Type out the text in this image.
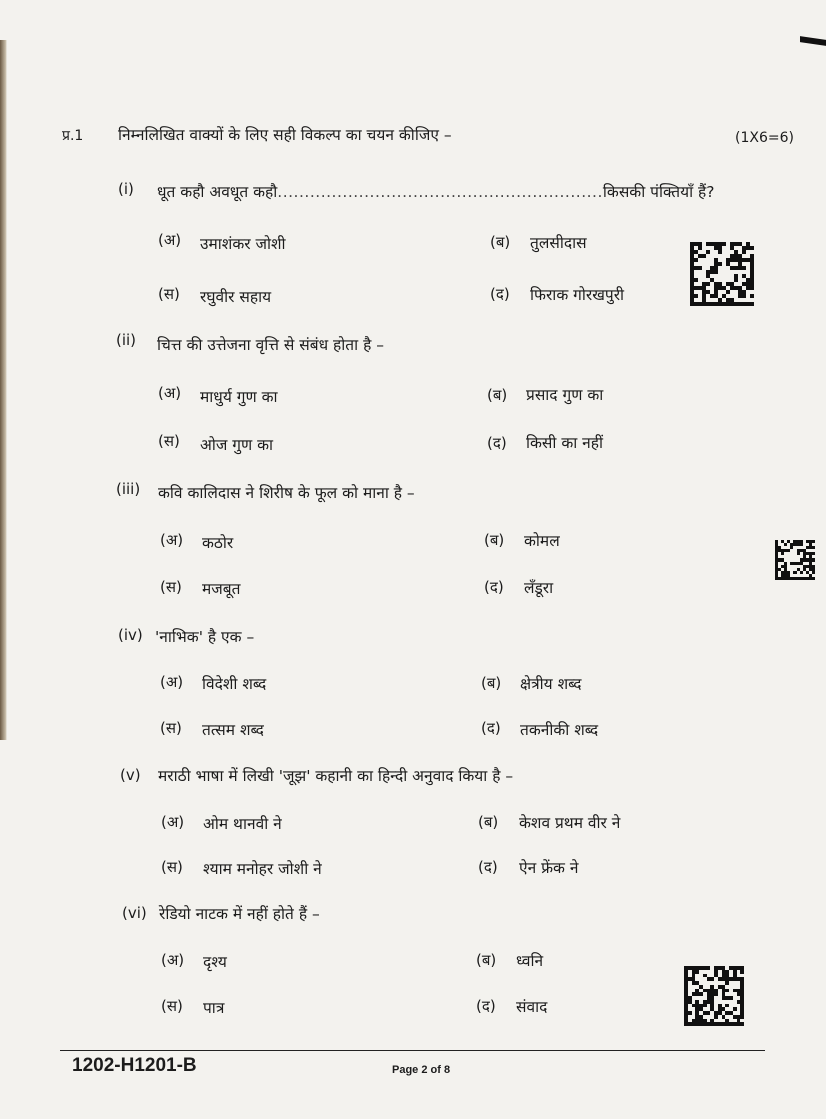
प्र.1 निम्नलिखित वाक्यों के लिए सही विकल्प का चयन कीजिए –	(1X6=6)
(i) धूत कहौ अवधूत कहौ............................................................किसकी पंक्तियाँ हैं?
(अ) उमाशंकर जोशी	(ब) तुलसीदास
(स) रघुवीर सहाय	(द) फिराक गोरखपुरी
(ii) चित्त की उत्तेजना वृत्ति से संबंध होता है –
(अ) माधुर्य गुण का	(ब) प्रसाद गुण का
(स) ओज गुण का	(द) किसी का नहीं
(iii) कवि कालिदास ने शिरीष के फूल को माना है –
(अ) कठोर	(ब) कोमल
(स) मजबूत	(द) लँडूरा
(iv) 'नाभिक' है एक –
(अ) विदेशी शब्द	(ब) क्षेत्रीय शब्द
(स) तत्सम शब्द	(द) तकनीकी शब्द
(v) मराठी भाषा में लिखी 'जूझ' कहानी का हिन्दी अनुवाद किया है –
(अ) ओम थानवी ने	(ब) केशव प्रथम वीर ने
(स) श्याम मनोहर जोशी ने	(द) ऐन फ्रेंक ने
(vi) रेडियो नाटक में नहीं होते हैं –
(अ) दृश्य	(ब) ध्वनि
(स) पात्र	(द) संवाद
1202-H1201-B	Page 2 of 8
